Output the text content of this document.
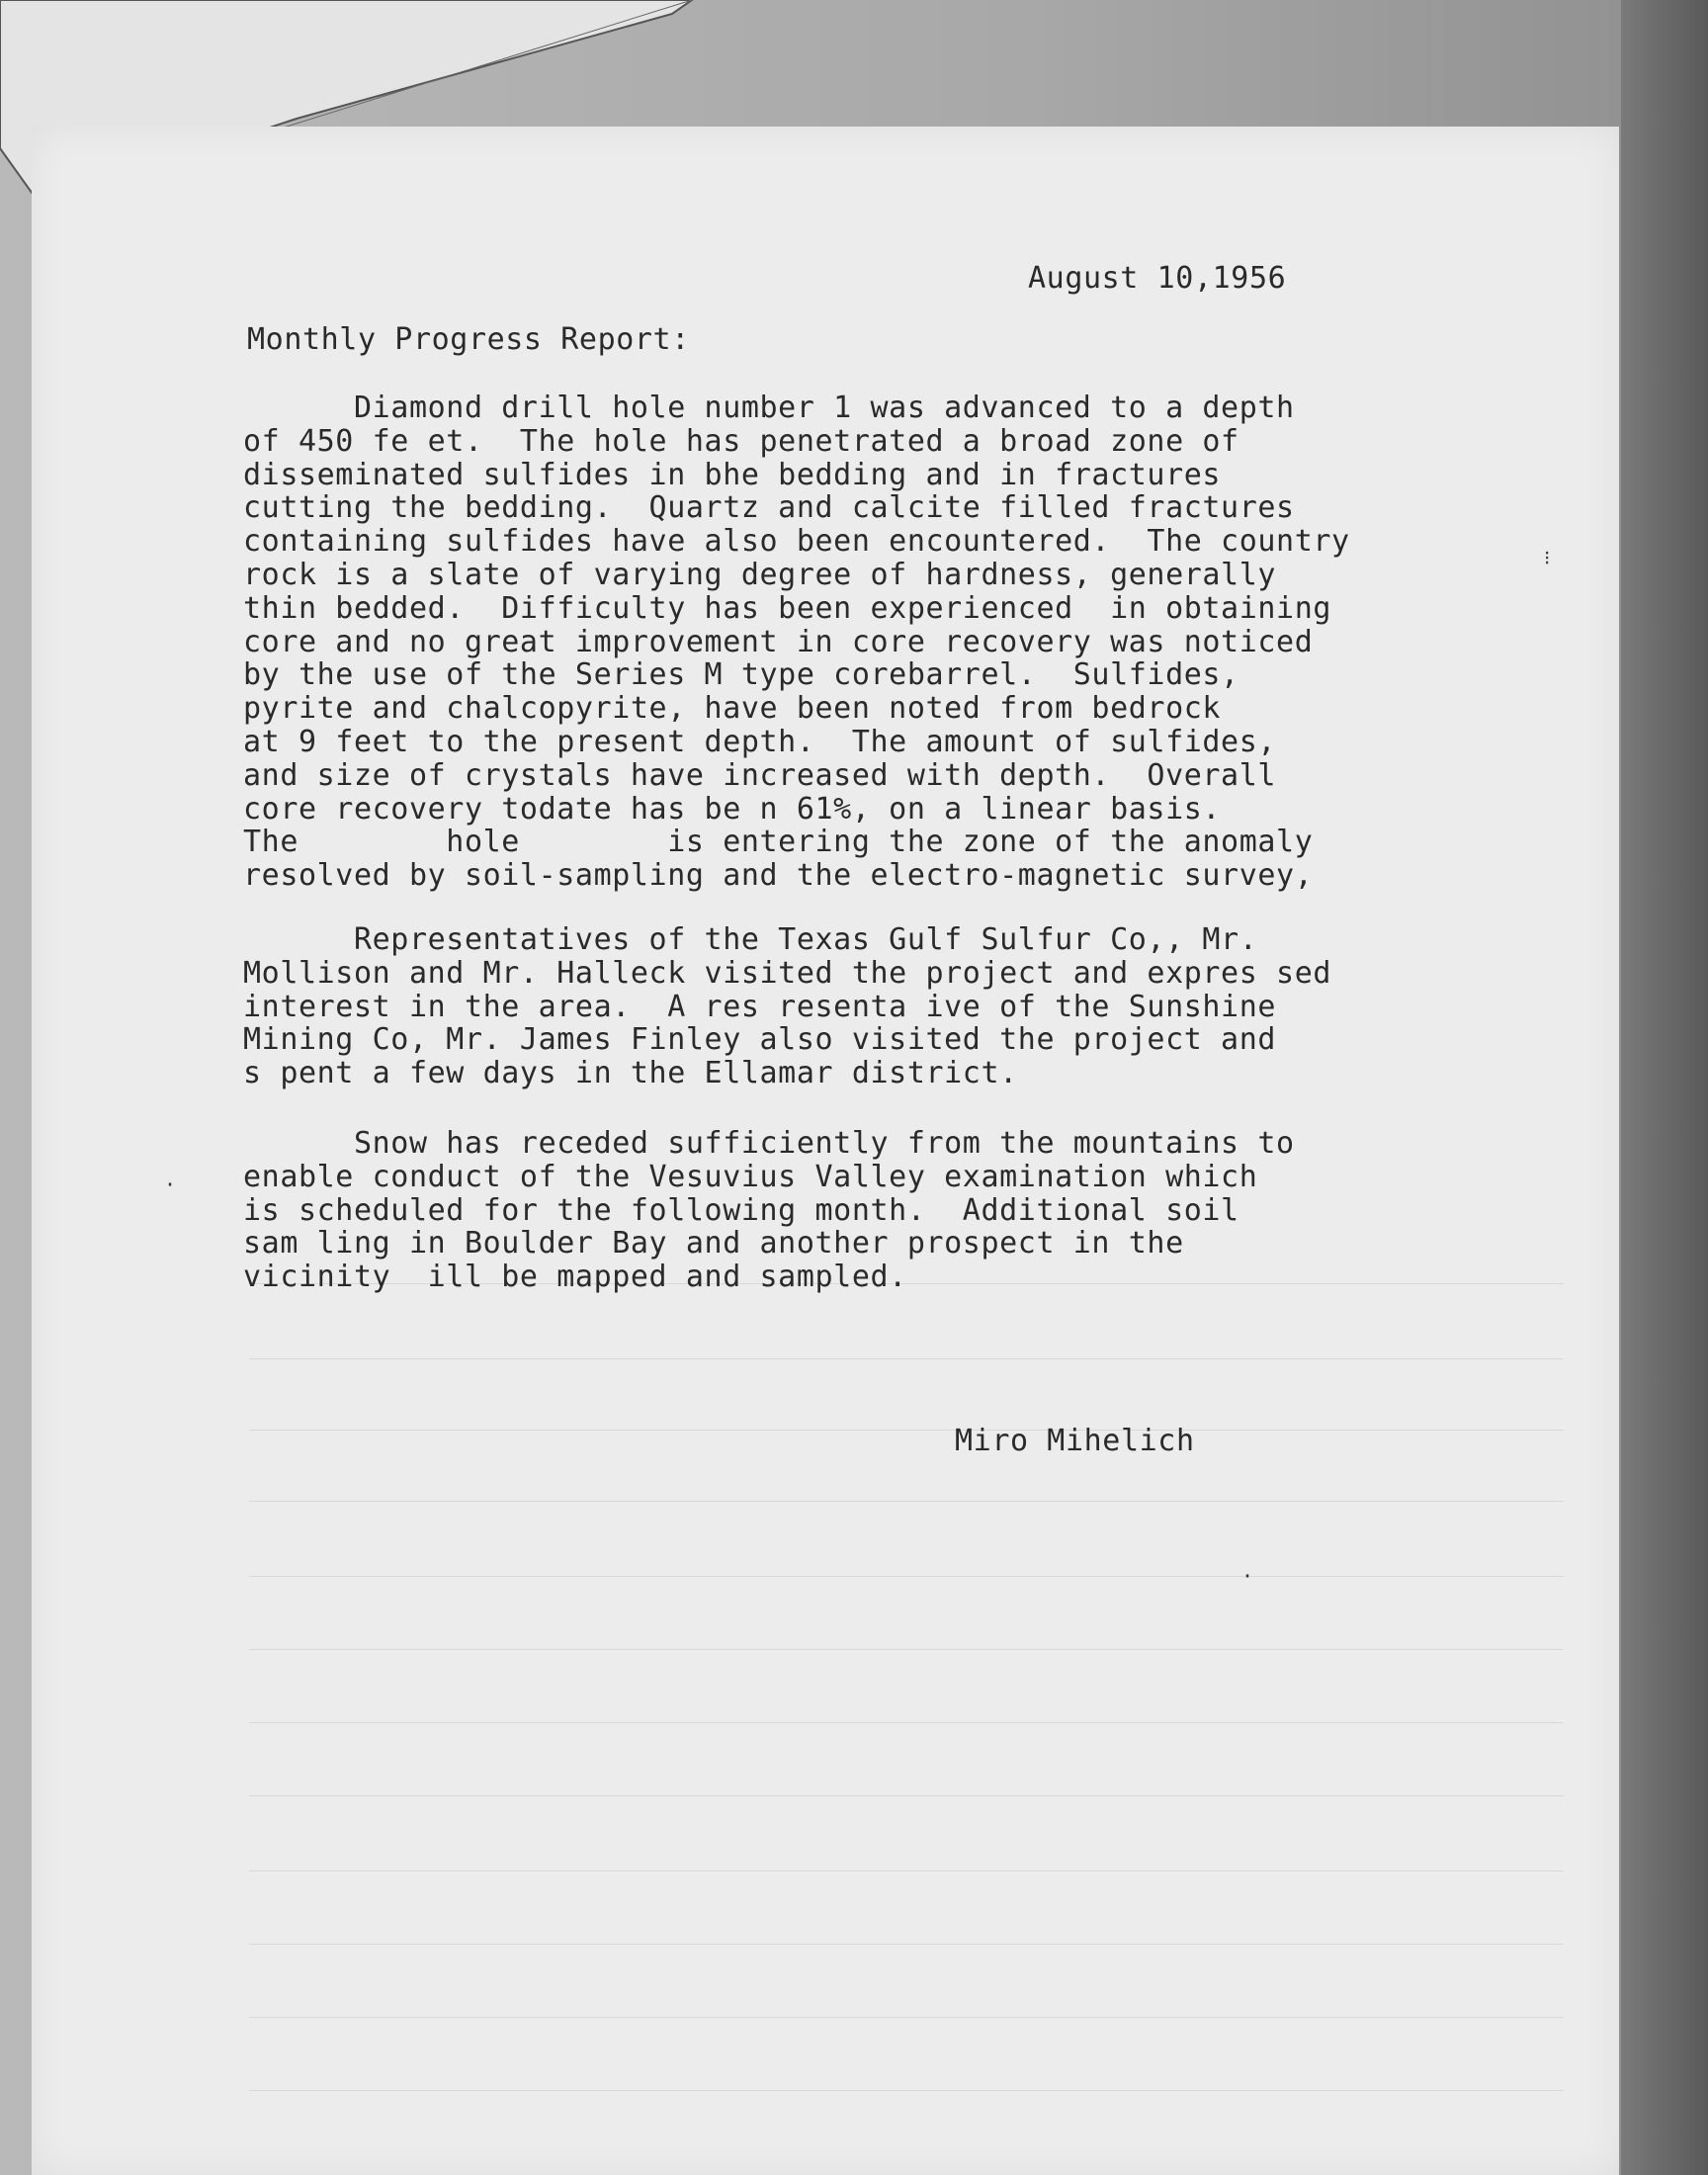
August 10,1956
Monthly Progress Report:

Diamond drill hole number 1 was advanced to a depth
of 450 fe et.  The hole has penetrated a broad zone of
disseminated sulfides in bhe bedding and in fractures
cutting the bedding.  Quartz and calcite filled fractures
containing sulfides have also been encountered.  The country
rock is a slate of varying degree of hardness, generally
thin bedded.  Difficulty has been experienced  in obtaining
core and no great improvement in core recovery was noticed
by the use of the Series M type corebarrel.  Sulfides,
pyrite and chalcopyrite, have been noted from bedrock
at 9 feet to the present depth.  The amount of sulfides,
and size of crystals have increased with depth.  Overall
core recovery todate has be n 61%, on a linear basis.
The        hole        is entering the zone of the anomaly
resolved by soil-sampling and the electro-magnetic survey,

Representatives of the Texas Gulf Sulfur Co,, Mr.
Mollison and Mr. Halleck visited the project and expres sed
interest in the area.  A res resenta ive of the Sunshine
Mining Co, Mr. James Finley also visited the project and
s pent a few days in the Ellamar district.

Snow has receded sufficiently from the mountains to
enable conduct of the Vesuvius Valley examination which
is scheduled for the following month.  Additional soil
sam ling in Boulder Bay and another prospect in the
vicinity  ill be mapped and sampled.

Miro Mihelich
⁝
·
·
